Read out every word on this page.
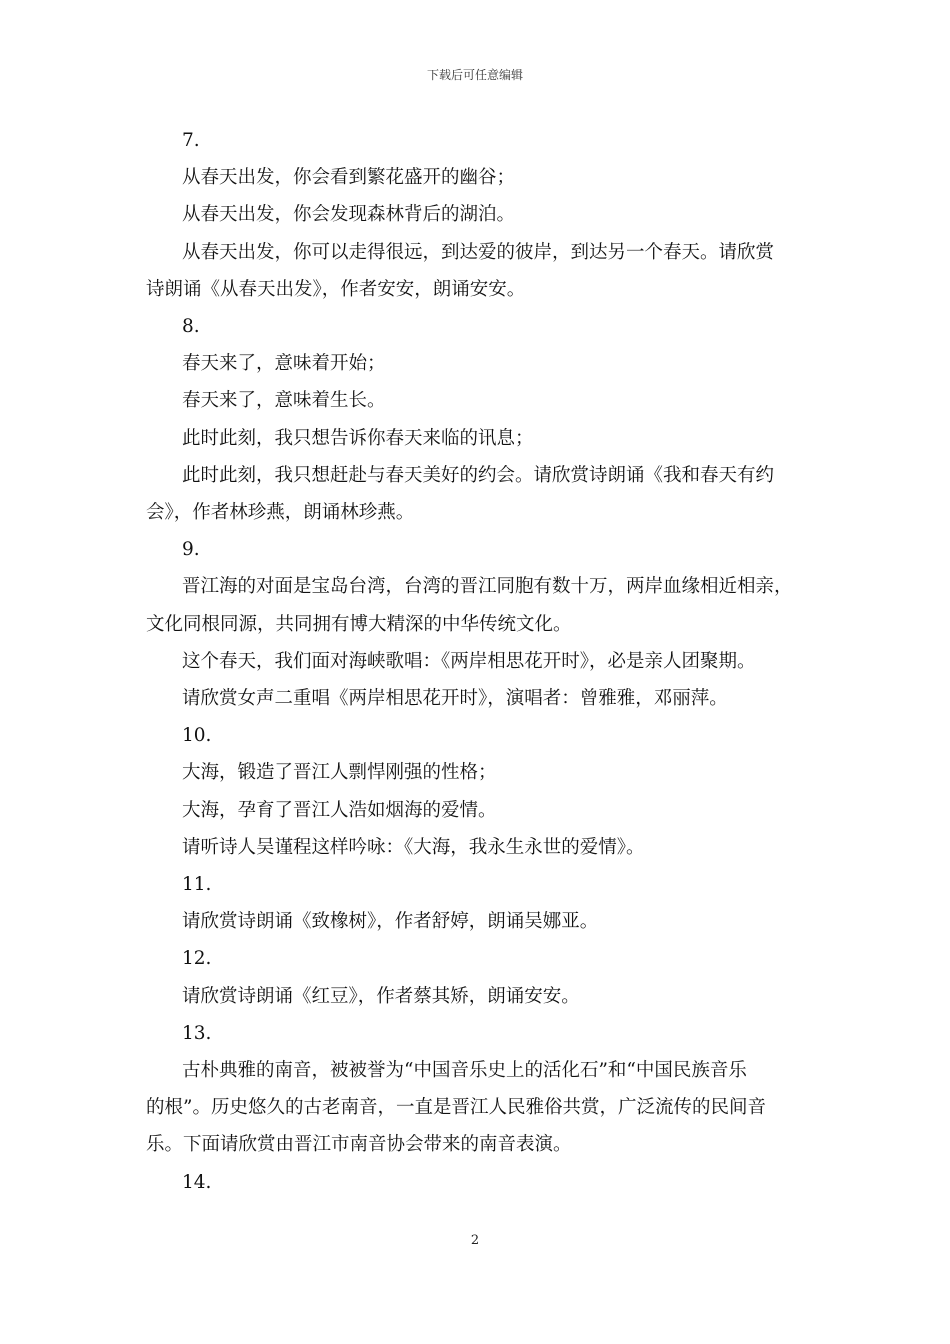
下载后可任意编辑

7.

从春天出发，你会看到繁花盛开的幽谷；

从春天出发，你会发现森林背后的湖泊。

从春天出发，你可以走得很远，到达爱的彼岸，到达另一个春天。请欣赏

诗朗诵《从春天出发》，作者安安，朗诵安安。

8.

春天来了，意味着开始；

春天来了，意味着生长。

此时此刻，我只想告诉你春天来临的讯息；

此时此刻，我只想赶赴与春天美好的约会。请欣赏诗朗诵《我和春天有约

会》，作者林珍燕，朗诵林珍燕。

9.

晋江海的对面是宝岛台湾，台湾的晋江同胞有数十万，两岸血缘相近相亲，

文化同根同源，共同拥有博大精深的中华传统文化。

这个春天，我们面对海峡歌唱：《两岸相思花开时》，必是亲人团聚期。

请欣赏女声二重唱《两岸相思花开时》，演唱者：曾雅雅，邓丽萍。

10.

大海，锻造了晋江人剽悍刚强的性格；

大海，孕育了晋江人浩如烟海的爱情。

请听诗人吴谨程这样吟咏：《大海，我永生永世的爱情》。

11.

请欣赏诗朗诵《致橡树》，作者舒婷，朗诵吴娜亚。

12.

请欣赏诗朗诵《红豆》，作者蔡其矫，朗诵安安。

13.

古朴典雅的南音，被被誉为“中国音乐史上的活化石”和“中国民族音乐

的根”。历史悠久的古老南音，一直是晋江人民雅俗共赏，广泛流传的民间音

乐。下面请欣赏由晋江市南音协会带来的南音表演。

14.

2
